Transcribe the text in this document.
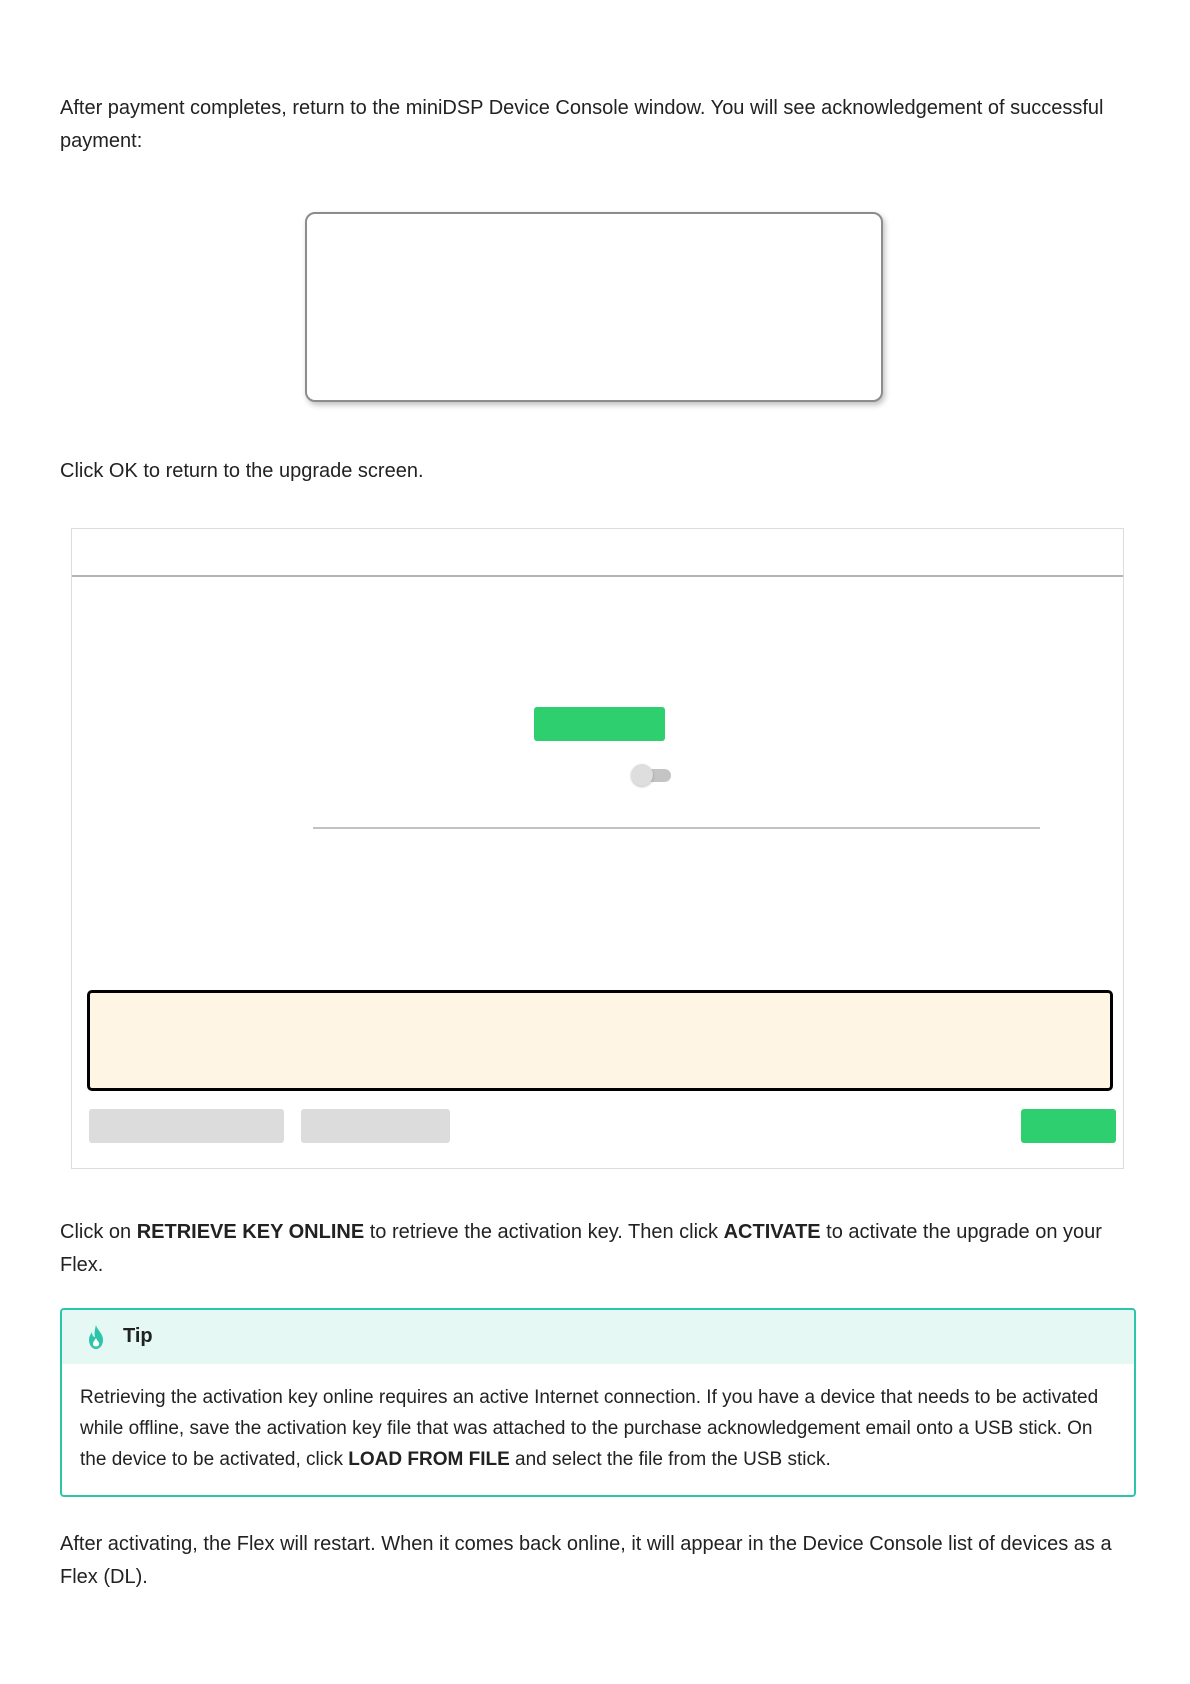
After payment completes, return to the miniDSP Device Console window. You will see acknowledgement of successful payment:

Click OK to return to the upgrade screen.

Click on RETRIEVE KEY ONLINE to retrieve the activation key. Then click ACTIVATE to activate the upgrade on your Flex.

Tip

Retrieving the activation key online requires an active Internet connection. If you have a device that needs to be activated while offline, save the activation key file that was attached to the purchase acknowledgement email onto a USB stick. On the device to be activated, click LOAD FROM FILE and select the file from the USB stick.

After activating, the Flex will restart. When it comes back online, it will appear in the Device Console list of devices as a Flex (DL).
